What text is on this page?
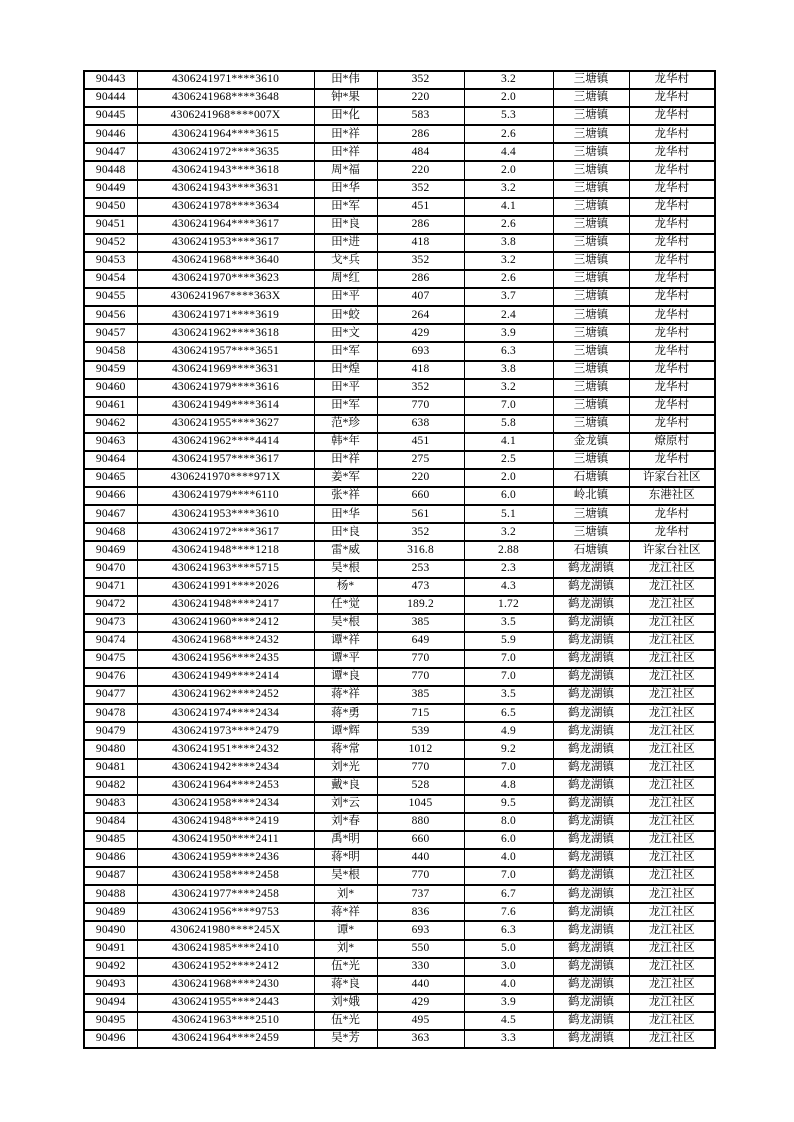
90443	4306241971****3610	田*伟	352	3.2	三塘镇	龙华村
90444	4306241968****3648	钟*果	220	2.0	三塘镇	龙华村
90445	4306241968****007X	田*化	583	5.3	三塘镇	龙华村
90446	4306241964****3615	田*祥	286	2.6	三塘镇	龙华村
90447	4306241972****3635	田*祥	484	4.4	三塘镇	龙华村
90448	4306241943****3618	周*福	220	2.0	三塘镇	龙华村
90449	4306241943****3631	田*华	352	3.2	三塘镇	龙华村
90450	4306241978****3634	田*军	451	4.1	三塘镇	龙华村
90451	4306241964****3617	田*良	286	2.6	三塘镇	龙华村
90452	4306241953****3617	田*进	418	3.8	三塘镇	龙华村
90453	4306241968****3640	戈*兵	352	3.2	三塘镇	龙华村
90454	4306241970****3623	周*红	286	2.6	三塘镇	龙华村
90455	4306241967****363X	田*平	407	3.7	三塘镇	龙华村
90456	4306241971****3619	田*蛟	264	2.4	三塘镇	龙华村
90457	4306241962****3618	田*文	429	3.9	三塘镇	龙华村
90458	4306241957****3651	田*军	693	6.3	三塘镇	龙华村
90459	4306241969****3631	田*煌	418	3.8	三塘镇	龙华村
90460	4306241979****3616	田*平	352	3.2	三塘镇	龙华村
90461	4306241949****3614	田*军	770	7.0	三塘镇	龙华村
90462	4306241955****3627	范*珍	638	5.8	三塘镇	龙华村
90463	4306241962****4414	韩*年	451	4.1	金龙镇	燎原村
90464	4306241957****3617	田*祥	275	2.5	三塘镇	龙华村
90465	4306241970****971X	姜*军	220	2.0	石塘镇	许家台社区
90466	4306241979****6110	张*祥	660	6.0	岭北镇	东港社区
90467	4306241953****3610	田*华	561	5.1	三塘镇	龙华村
90468	4306241972****3617	田*良	352	3.2	三塘镇	龙华村
90469	4306241948****1218	雷*威	316.8	2.88	石塘镇	许家台社区
90470	4306241963****5715	吴*根	253	2.3	鹤龙湖镇	龙江社区
90471	4306241991****2026	杨*	473	4.3	鹤龙湖镇	龙江社区
90472	4306241948****2417	任*觉	189.2	1.72	鹤龙湖镇	龙江社区
90473	4306241960****2412	吴*根	385	3.5	鹤龙湖镇	龙江社区
90474	4306241968****2432	谭*祥	649	5.9	鹤龙湖镇	龙江社区
90475	4306241956****2435	谭*平	770	7.0	鹤龙湖镇	龙江社区
90476	4306241949****2414	谭*良	770	7.0	鹤龙湖镇	龙江社区
90477	4306241962****2452	蒋*祥	385	3.5	鹤龙湖镇	龙江社区
90478	4306241974****2434	蒋*勇	715	6.5	鹤龙湖镇	龙江社区
90479	4306241973****2479	谭*辉	539	4.9	鹤龙湖镇	龙江社区
90480	4306241951****2432	蒋*常	1012	9.2	鹤龙湖镇	龙江社区
90481	4306241942****2434	刘*光	770	7.0	鹤龙湖镇	龙江社区
90482	4306241964****2453	戴*良	528	4.8	鹤龙湖镇	龙江社区
90483	4306241958****2434	刘*云	1045	9.5	鹤龙湖镇	龙江社区
90484	4306241948****2419	刘*春	880	8.0	鹤龙湖镇	龙江社区
90485	4306241950****2411	禹*明	660	6.0	鹤龙湖镇	龙江社区
90486	4306241959****2436	蒋*明	440	4.0	鹤龙湖镇	龙江社区
90487	4306241958****2458	吴*根	770	7.0	鹤龙湖镇	龙江社区
90488	4306241977****2458	刘*	737	6.7	鹤龙湖镇	龙江社区
90489	4306241956****9753	蒋*祥	836	7.6	鹤龙湖镇	龙江社区
90490	4306241980****245X	谭*	693	6.3	鹤龙湖镇	龙江社区
90491	4306241985****2410	刘*	550	5.0	鹤龙湖镇	龙江社区
90492	4306241952****2412	伍*光	330	3.0	鹤龙湖镇	龙江社区
90493	4306241968****2430	蒋*良	440	4.0	鹤龙湖镇	龙江社区
90494	4306241955****2443	刘*娥	429	3.9	鹤龙湖镇	龙江社区
90495	4306241963****2510	伍*光	495	4.5	鹤龙湖镇	龙江社区
90496	4306241964****2459	吴*芳	363	3.3	鹤龙湖镇	龙江社区
